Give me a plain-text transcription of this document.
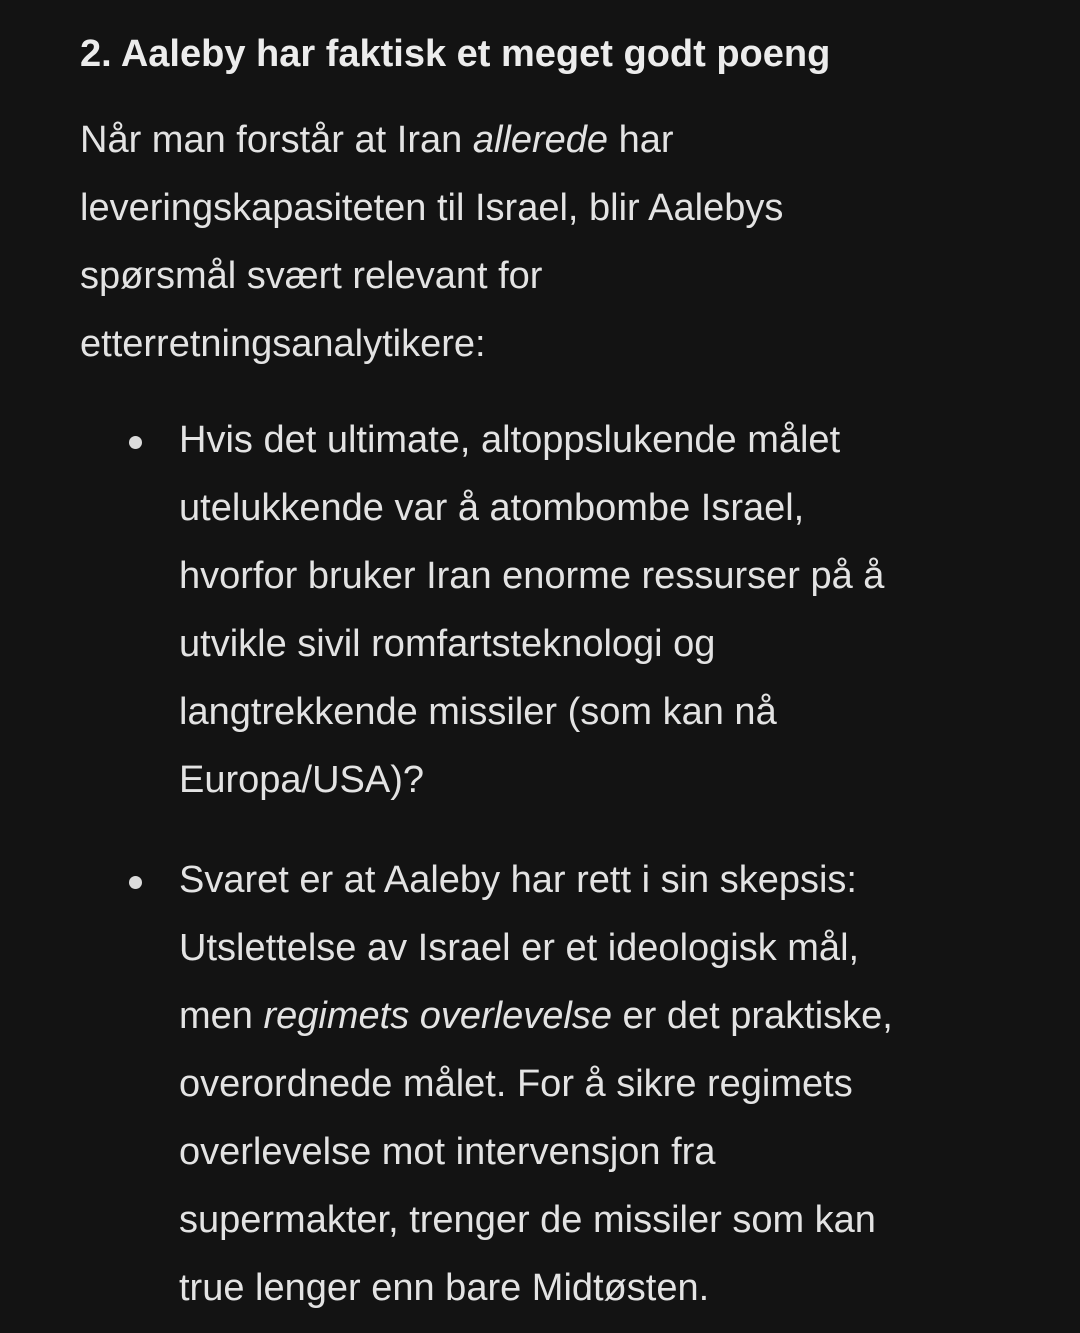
2. Aaleby har faktisk et meget godt poeng

Når man forstår at Iran allerede har
leveringskapasiteten til Israel, blir Aalebys
spørsmål svært relevant for
etterretningsanalytikere:

Hvis det ultimate, altoppslukende målet
utelukkende var å atombombe Israel,
hvorfor bruker Iran enorme ressurser på å
utvikle sivil romfartsteknologi og
langtrekkende missiler (som kan nå
Europa/USA)?
Svaret er at Aaleby har rett i sin skepsis:
Utslettelse av Israel er et ideologisk mål,
men regimets overlevelse er det praktiske,
overordnede målet. For å sikre regimets
overlevelse mot intervensjon fra
supermakter, trenger de missiler som kan
true lenger enn bare Midtøsten.
